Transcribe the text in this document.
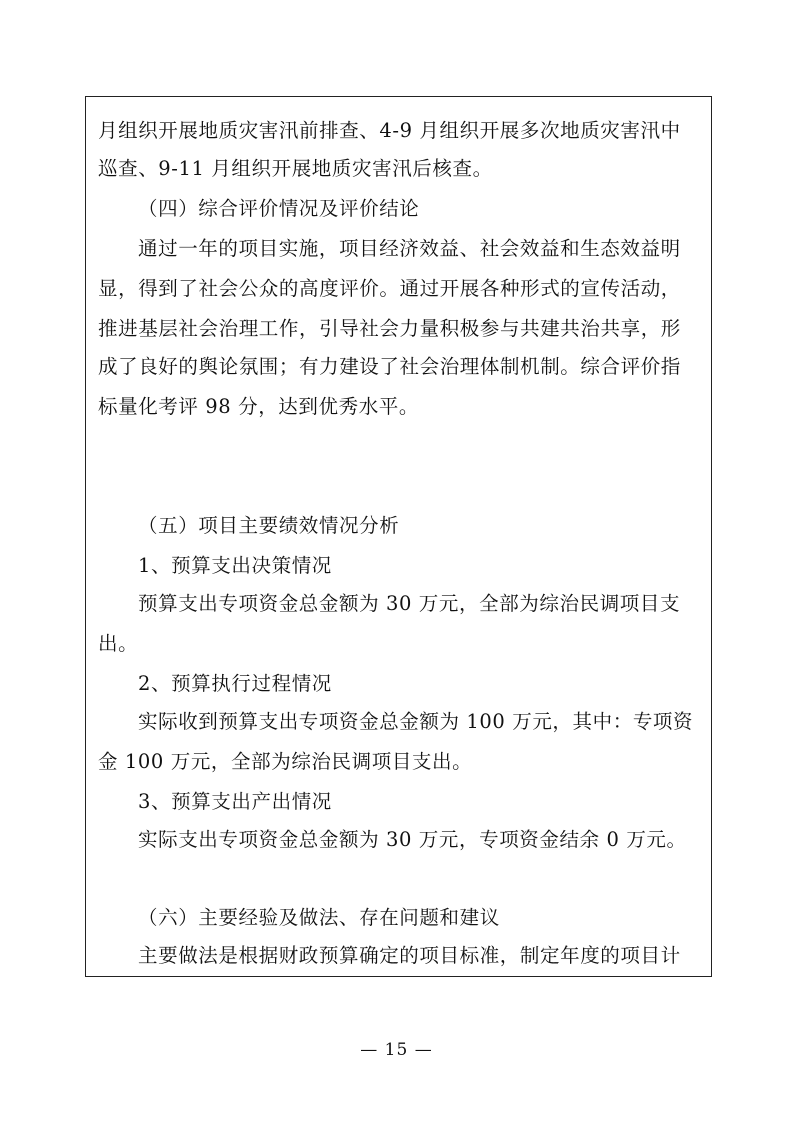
月组织开展地质灾害汛前排查、4-9 月组织开展多次地质灾害汛中
巡查、9-11 月组织开展地质灾害汛后核查。
（四）综合评价情况及评价结论
通过一年的项目实施，项目经济效益、社会效益和生态效益明
显，得到了社会公众的高度评价。通过开展各种形式的宣传活动，
推进基层社会治理工作，引导社会力量积极参与共建共治共享，形
成了良好的舆论氛围；有力建设了社会治理体制机制。综合评价指
标量化考评 98 分，达到优秀水平。
（五）项目主要绩效情况分析
1、预算支出决策情况
预算支出专项资金总金额为 30 万元，全部为综治民调项目支
出。
2、预算执行过程情况
实际收到预算支出专项资金总金额为 100 万元，其中：专项资
金 100 万元，全部为综治民调项目支出。
3、预算支出产出情况
实际支出专项资金总金额为 30 万元，专项资金结余 0 万元。
（六）主要经验及做法、存在问题和建议
主要做法是根据财政预算确定的项目标准，制定年度的项目计
— 15 —
